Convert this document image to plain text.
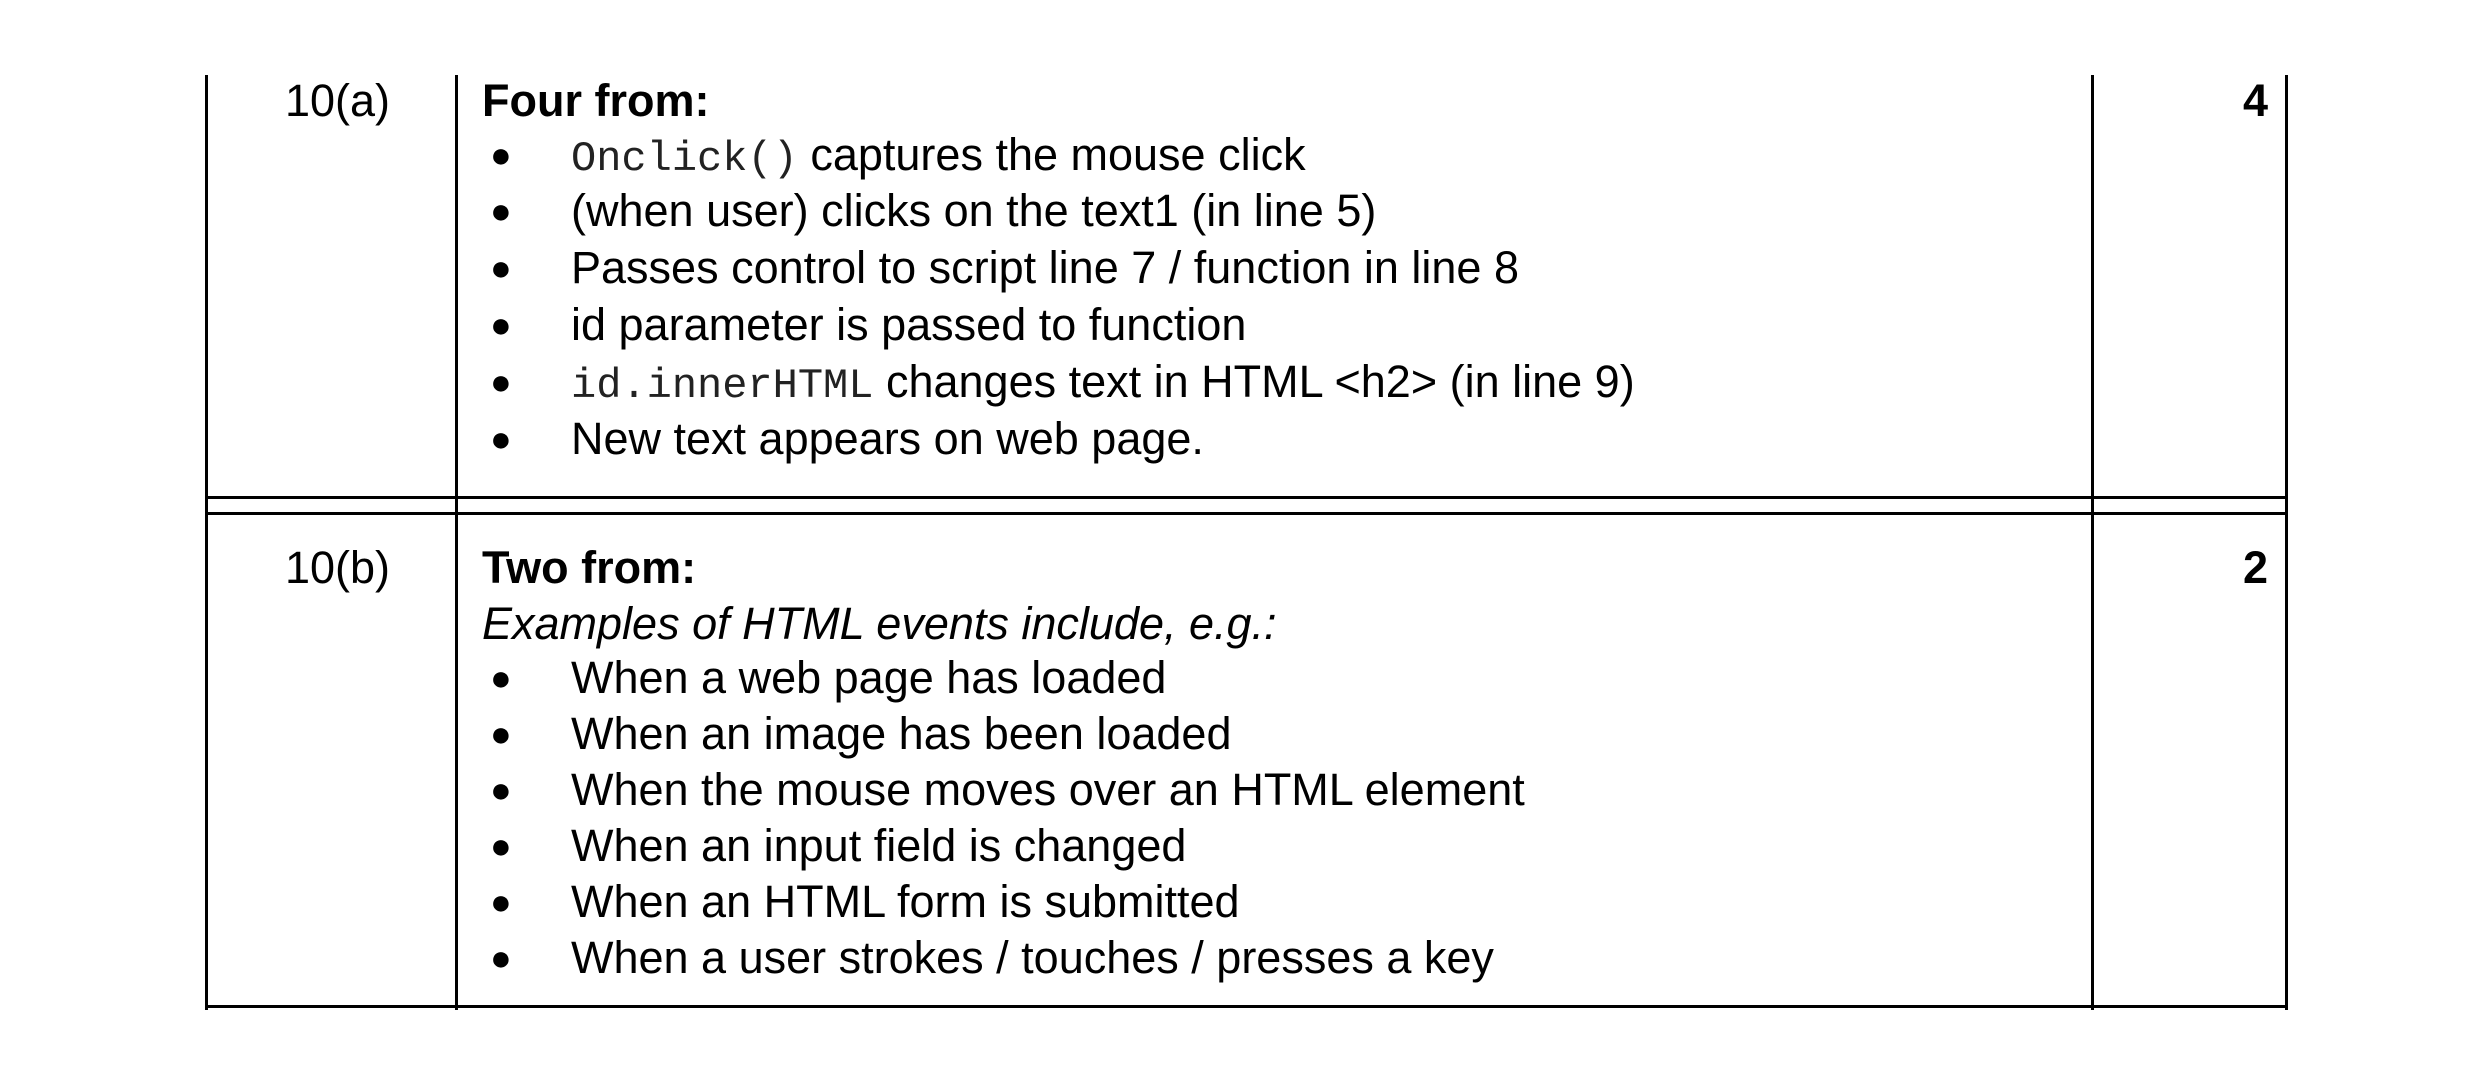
10(a)	4
Four from:
● Onclick() captures the mouse click
● (when user) clicks on the text1 (in line 5)
● Passes control to script line 7 / function in line 8
● id parameter is passed to function
● id.innerHTML changes text in HTML <h2> (in line 9)
● New text appears on web page.
10(b)	2
Two from:
Examples of HTML events include, e.g.:
● When a web page has loaded
● When an image has been loaded
● When the mouse moves over an HTML element
● When an input field is changed
● When an HTML form is submitted
● When a user strokes / touches / presses a key
